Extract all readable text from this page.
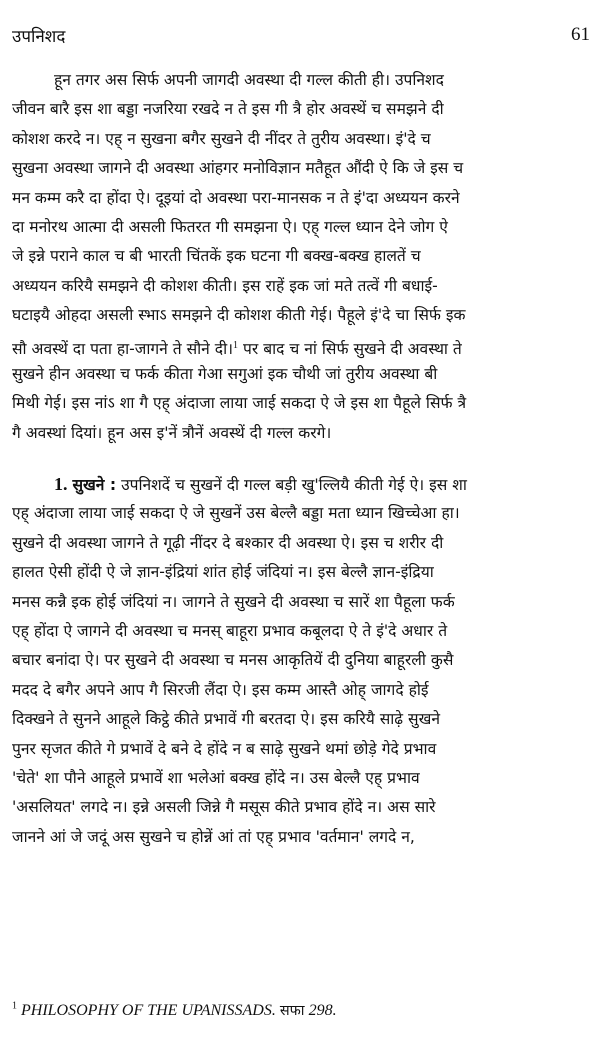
उपनिशद	61
हून तगर अस सिर्फ अपनी जागदी अवस्था दी गल्ल कीती ही। उपनिशद
जीवन बारै इस शा बड्डा नजरिया रखदे न ते इस गी त्रै होर अवस्थें च समझने दी
कोशश करदे न। एह् न सुखना बगैर सुखने दी नींदर ते तुरीय अवस्था। इं'दे च
सुखना अवस्था जागने दी अवस्था आंहगर मनोविज्ञान मतैहूत औंदी ऐ कि जे इस च
मन कम्म करै दा होंदा ऐ। दूइयां दो अवस्था परा-मानसक न ते इं'दा अध्ययन करने
दा मनोरथ आत्मा दी असली फितरत गी समझना ऐ। एह् गल्ल ध्यान देने जोग ऐ
जे इन्ने पराने काल च बी भारती चिंतकें इक घटना गी बक्ख-बक्ख हालतें च
अध्ययन करियै समझने दी कोशश कीती। इस राहें इक जां मते तत्वें गी बधाई-
घटाइयै ओहदा असली स्भाऽ समझने दी कोशश कीती गेई। पैहूले इं'दे चा सिर्फ इक
सौ अवस्थें दा पता हा-जागने ते सौने दी।$^1$ पर बाद च नां सिर्फ सुखने दी अवस्था ते
सुखने हीन अवस्था च फर्क कीता गेआ सगुआं इक चौथी जां तुरीय अवस्था बी
मिथी गेई। इस नांऽ शा गै एह् अंदाजा लाया जाई सकदा ऐ जे इस शा पैहूले सिर्फ त्रै
गै अवस्थां दियां। हून अस इ'नें त्रौनें अवस्थें दी गल्ल करगे।
1. सुखने : उपनिशदें च सुखनें दी गल्ल बड़ी खु'ल्लियै कीती गेई ऐ। इस शा
एह् अंदाजा लाया जाई सकदा ऐ जे सुखनें उस बेल्लै बड्डा मता ध्यान खिच्चेआ हा।
सुखने दी अवस्था जागने ते गूढ़ी नींदर दे बश्कार दी अवस्था ऐ। इस च शरीर दी
हालत ऐसी होंदी ऐ जे ज्ञान-इंद्रियां शांत होई जंदियां न। इस बेल्लै ज्ञान-इंद्रिया
मनस कन्नै इक होई जंदियां न। जागने ते सुखने दी अवस्था च सारें शा पैहूला फर्क
एह् होंदा ऐ जागने दी अवस्था च मनस् बाहूरा प्रभाव कबूलदा ऐ ते इं'दे अधार ते
बचार बनांदा ऐ। पर सुखने दी अवस्था च मनस आकृतियें दी दुनिया बाहूरली कुसै
मदद दे बगैर अपने आप गै सिरजी लैंदा ऐ। इस कम्म आस्तै ओह् जागदे होई
दिक्खने ते सुनने आहूले किट्ठे कीते प्रभावें गी बरतदा ऐ। इस करियै साढ़े सुखने
पुनर सृजत कीते गे प्रभावें दे बने दे होंदे न ब साढ़े सुखने थमां छोड़े गेदे प्रभाव
'चेते' शा पौने आहूले प्रभावें शा भलेआं बक्ख होंदे न। उस बेल्लै एह् प्रभाव
'असलियत' लगदे न। इन्ने असली जिन्ने गै मसूस कीते प्रभाव होंदे न। अस सारे
जानने आं जे जदूं अस सुखने च होन्नें आं तां एह् प्रभाव 'वर्तमान' लगदे न,
$^1$ PHILOSOPHY OF THE UPANISSADS. सफा 298.
